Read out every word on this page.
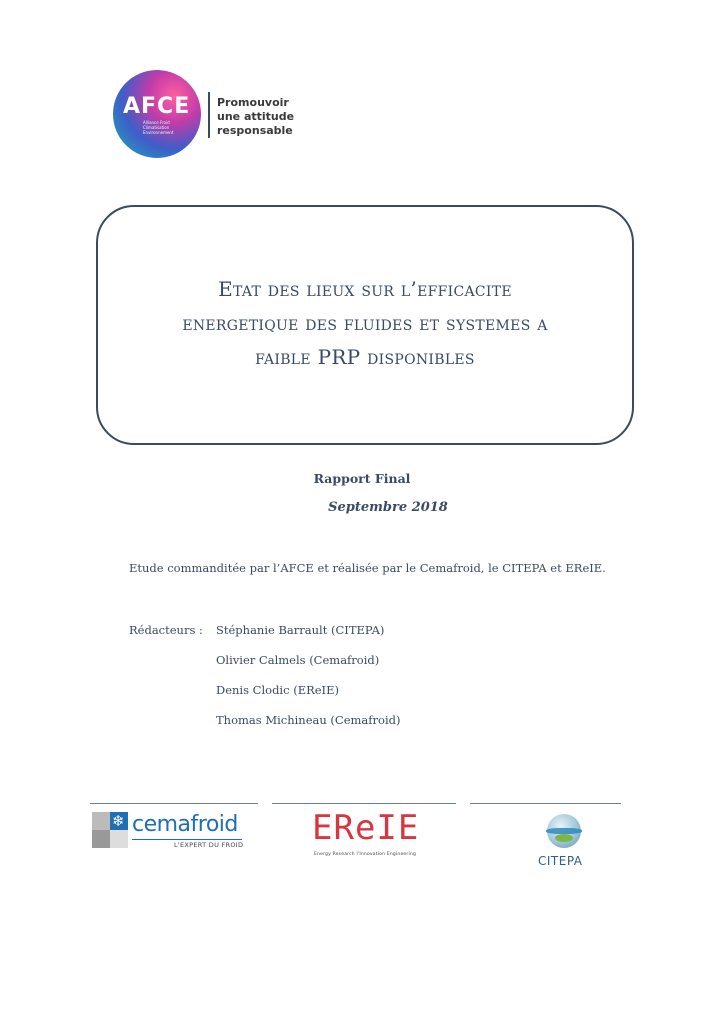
AFCE
Alliance Froid Climatisation Environnement
Promouvoir
une attitude
responsable
Etat des lieux sur l’efficacite
energetique des fluides et systemes a
faible PRP disponibles
Rapport Final
Septembre 2018
Etude commanditée par l’AFCE et réalisée par le Cemafroid, le CITEPA et EReIE.
Rédacteurs : Stéphanie Barrault (CITEPA)
Olivier Calmels (Cemafroid)
Denis Clodic (EReIE)
Thomas Michineau (Cemafroid)
❄ cemafroid
L'EXPERT DU FROID EReIE
Energy Research l'Innovation Engineering	CITEPA
